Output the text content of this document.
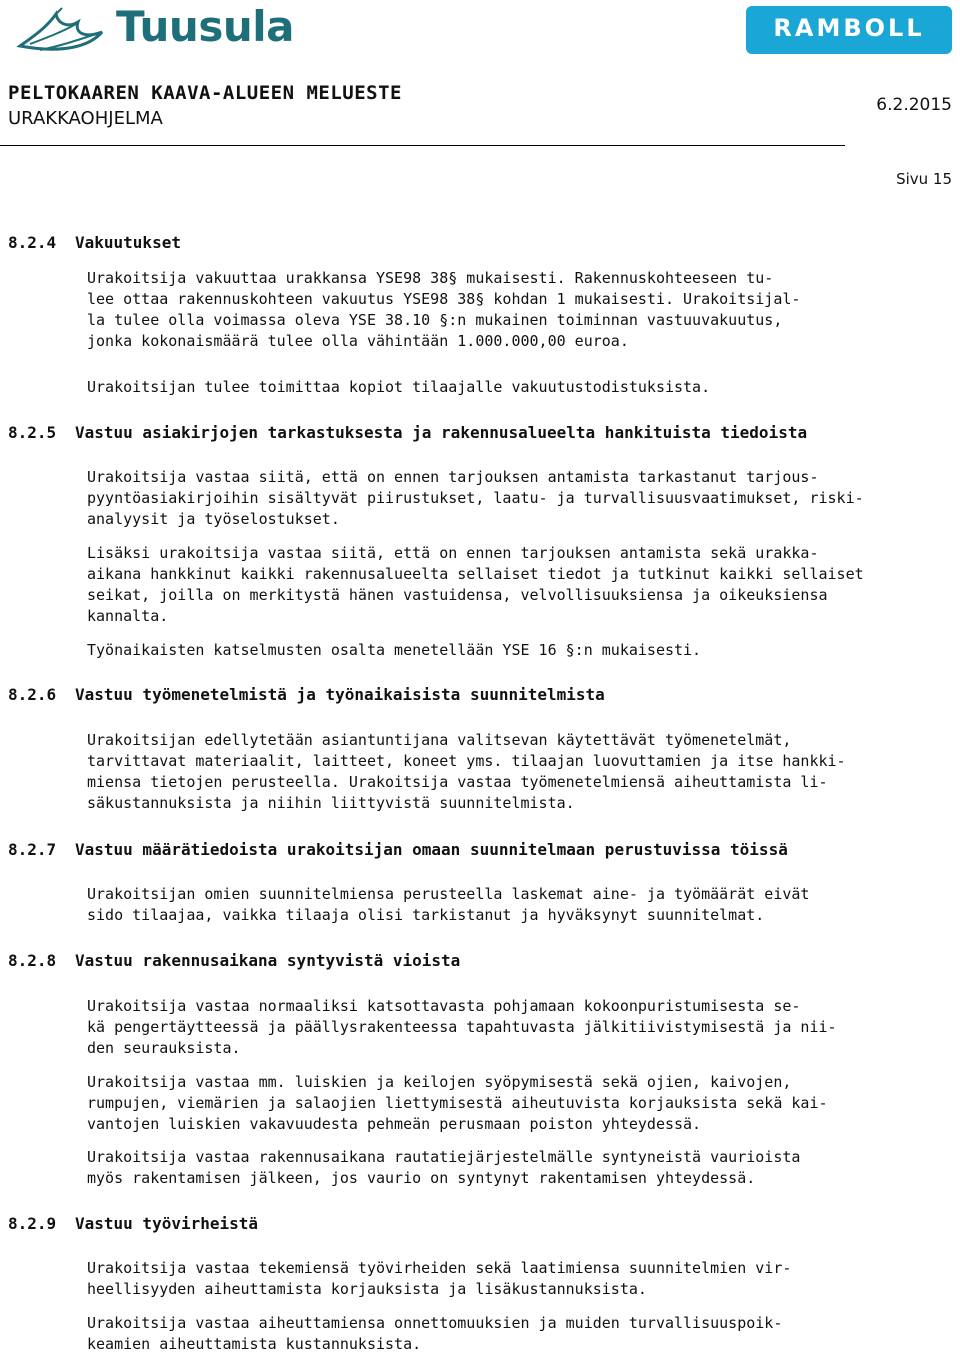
Tuusula	RAMBOLL
PELTOKAAREN KAAVA-ALUEEN MELUESTE
URAKKAOHJELMA
6.2.2015
Sivu 15
8.2.4 Vakuutukset
Urakoitsija vakuuttaa urakkansa YSE98 38§ mukaisesti. Rakennuskohteeseen tu-
lee ottaa rakennuskohteen vakuutus YSE98 38§ kohdan 1 mukaisesti. Urakoitsijal-
la tulee olla voimassa oleva YSE 38.10 §:n mukainen toiminnan vastuuvakuutus,
jonka kokonaismäärä tulee olla vähintään 1.000.000,00 euroa.
Urakoitsijan tulee toimittaa kopiot tilaajalle vakuutustodistuksista.
8.2.5 Vastuu asiakirjojen tarkastuksesta ja rakennusalueelta hankituista tiedoista
Urakoitsija vastaa siitä, että on ennen tarjouksen antamista tarkastanut tarjous-
pyyntöasiakirjoihin sisältyvät piirustukset, laatu- ja turvallisuusvaatimukset, riski-
analyysit ja työselostukset.
Lisäksi urakoitsija vastaa siitä, että on ennen tarjouksen antamista sekä urakka-
aikana hankkinut kaikki rakennusalueelta sellaiset tiedot ja tutkinut kaikki sellaiset
seikat, joilla on merkitystä hänen vastuidensa, velvollisuuksiensa ja oikeuksiensa
kannalta.
Työnaikaisten katselmusten osalta menetellään YSE 16 §:n mukaisesti.
8.2.6 Vastuu työmenetelmistä ja työnaikaisista suunnitelmista
Urakoitsijan edellytetään asiantuntijana valitsevan käytettävät työmenetelmät,
tarvittavat materiaalit, laitteet, koneet yms. tilaajan luovuttamien ja itse hankki-
miensa tietojen perusteella. Urakoitsija vastaa työmenetelmiensä aiheuttamista li-
säkustannuksista ja niihin liittyvistä suunnitelmista.
8.2.7 Vastuu määrätiedoista urakoitsijan omaan suunnitelmaan perustuvissa töissä
Urakoitsijan omien suunnitelmiensa perusteella laskemat aine- ja työmäärät eivät
sido tilaajaa, vaikka tilaaja olisi tarkistanut ja hyväksynyt suunnitelmat.
8.2.8 Vastuu rakennusaikana syntyvistä vioista
Urakoitsija vastaa normaaliksi katsottavasta pohjamaan kokoonpuristumisesta se-
kä pengertäytteessä ja päällysrakenteessa tapahtuvasta jälkitiivistymisestä ja nii-
den seurauksista.
Urakoitsija vastaa mm. luiskien ja keilojen syöpymisestä sekä ojien, kaivojen,
rumpujen, viemärien ja salaojien liettymisestä aiheutuvista korjauksista sekä kai-
vantojen luiskien vakavuudesta pehmeän perusmaan poiston yhteydessä.
Urakoitsija vastaa rakennusaikana rautatiejärjestelmälle syntyneistä vaurioista
myös rakentamisen jälkeen, jos vaurio on syntynyt rakentamisen yhteydessä.
8.2.9 Vastuu työvirheistä
Urakoitsija vastaa tekemiensä työvirheiden sekä laatimiensa suunnitelmien vir-
heellisyyden aiheuttamista korjauksista ja lisäkustannuksista.
Urakoitsija vastaa aiheuttamiensa onnettomuuksien ja muiden turvallisuuspoik-
keamien aiheuttamista kustannuksista.
